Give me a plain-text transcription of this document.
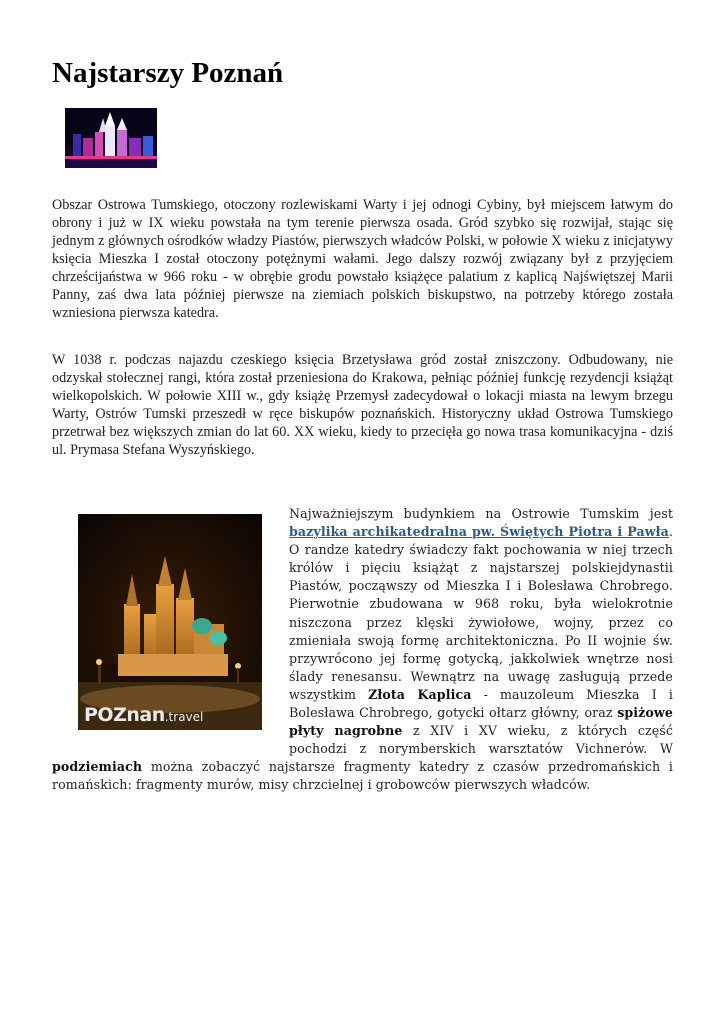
Najstarszy Poznań

Obszar Ostrowa Tumskiego, otoczony rozlewiskami Warty i jej odnogi Cybiny, był miejscem łatwym do obrony i już w IX wieku powstała na tym terenie pierwsza osada. Gród szybko się rozwijał, stając się jednym z głównych ośrodków władzy Piastów, pierwszych władców Polski, w połowie X wieku z inicjatywy księcia Mieszka I został otoczony potężnymi wałami. Jego dalszy rozwój związany był z przyjęciem chrześcijaństwa w 966 roku - w obrębie grodu powstało książęce palatium z kaplicą Najświętszej Marii Panny, zaś dwa lata później pierwsze na ziemiach polskich biskupstwo, na potrzeby którego została wzniesiona pierwsza katedra.

W 1038 r. podczas najazdu czeskiego księcia Brzetysława gród został zniszczony. Odbudowany, nie odzyskał stołecznej rangi, która został przeniesiona do Krakowa, pełniąc później funkcję rezydencji książąt wielkopolskich. W połowie XIII w., gdy książę Przemysł zadecydował o lokacji miasta na lewym brzegu Warty, Ostrów Tumski przeszedł w ręce biskupów poznańskich. Historyczny układ Ostrowa Tumskiego przetrwał bez większych zmian do lat 60. XX wieku, kiedy to przecięła go nowa trasa komunikacyjna - dziś ul. Prymasa Stefana Wyszyńskiego.

POZnan.travel

Najważniejszym budynkiem na Ostrowie Tumskim jest bazylika archikatedralna pw. Świętych Piotra i Pawła. O randze katedry świadczy fakt pochowania w niej trzech królów i pięciu książąt z najstarszej polskiejdynastii Piastów, począwszy od Mieszka I i Bolesława Chrobrego. Pierwotnie zbudowana w 968 roku, była wielokrotnie niszczona przez klęski żywiołowe, wojny, przez co zmieniała swoją formę architektoniczna. Po II wojnie św. przywrócono jej formę gotycką, jakkolwiek wnętrze nosi ślady renesansu. Wewnątrz na uwagę zasługują przede wszystkim Złota Kaplica - mauzoleum Mieszka I i Bolesława Chrobrego, gotycki ołtarz główny, oraz spiżowe płyty nagrobne z XIV i XV wieku, z których część pochodzi z norymberskich warsztatów Vichnerów. W podziemiach można zobaczyć najstarsze fragmenty katedry z czasów przedromańskich i romańskich: fragmenty murów, misy chrzcielnej i grobowców pierwszych władców.
